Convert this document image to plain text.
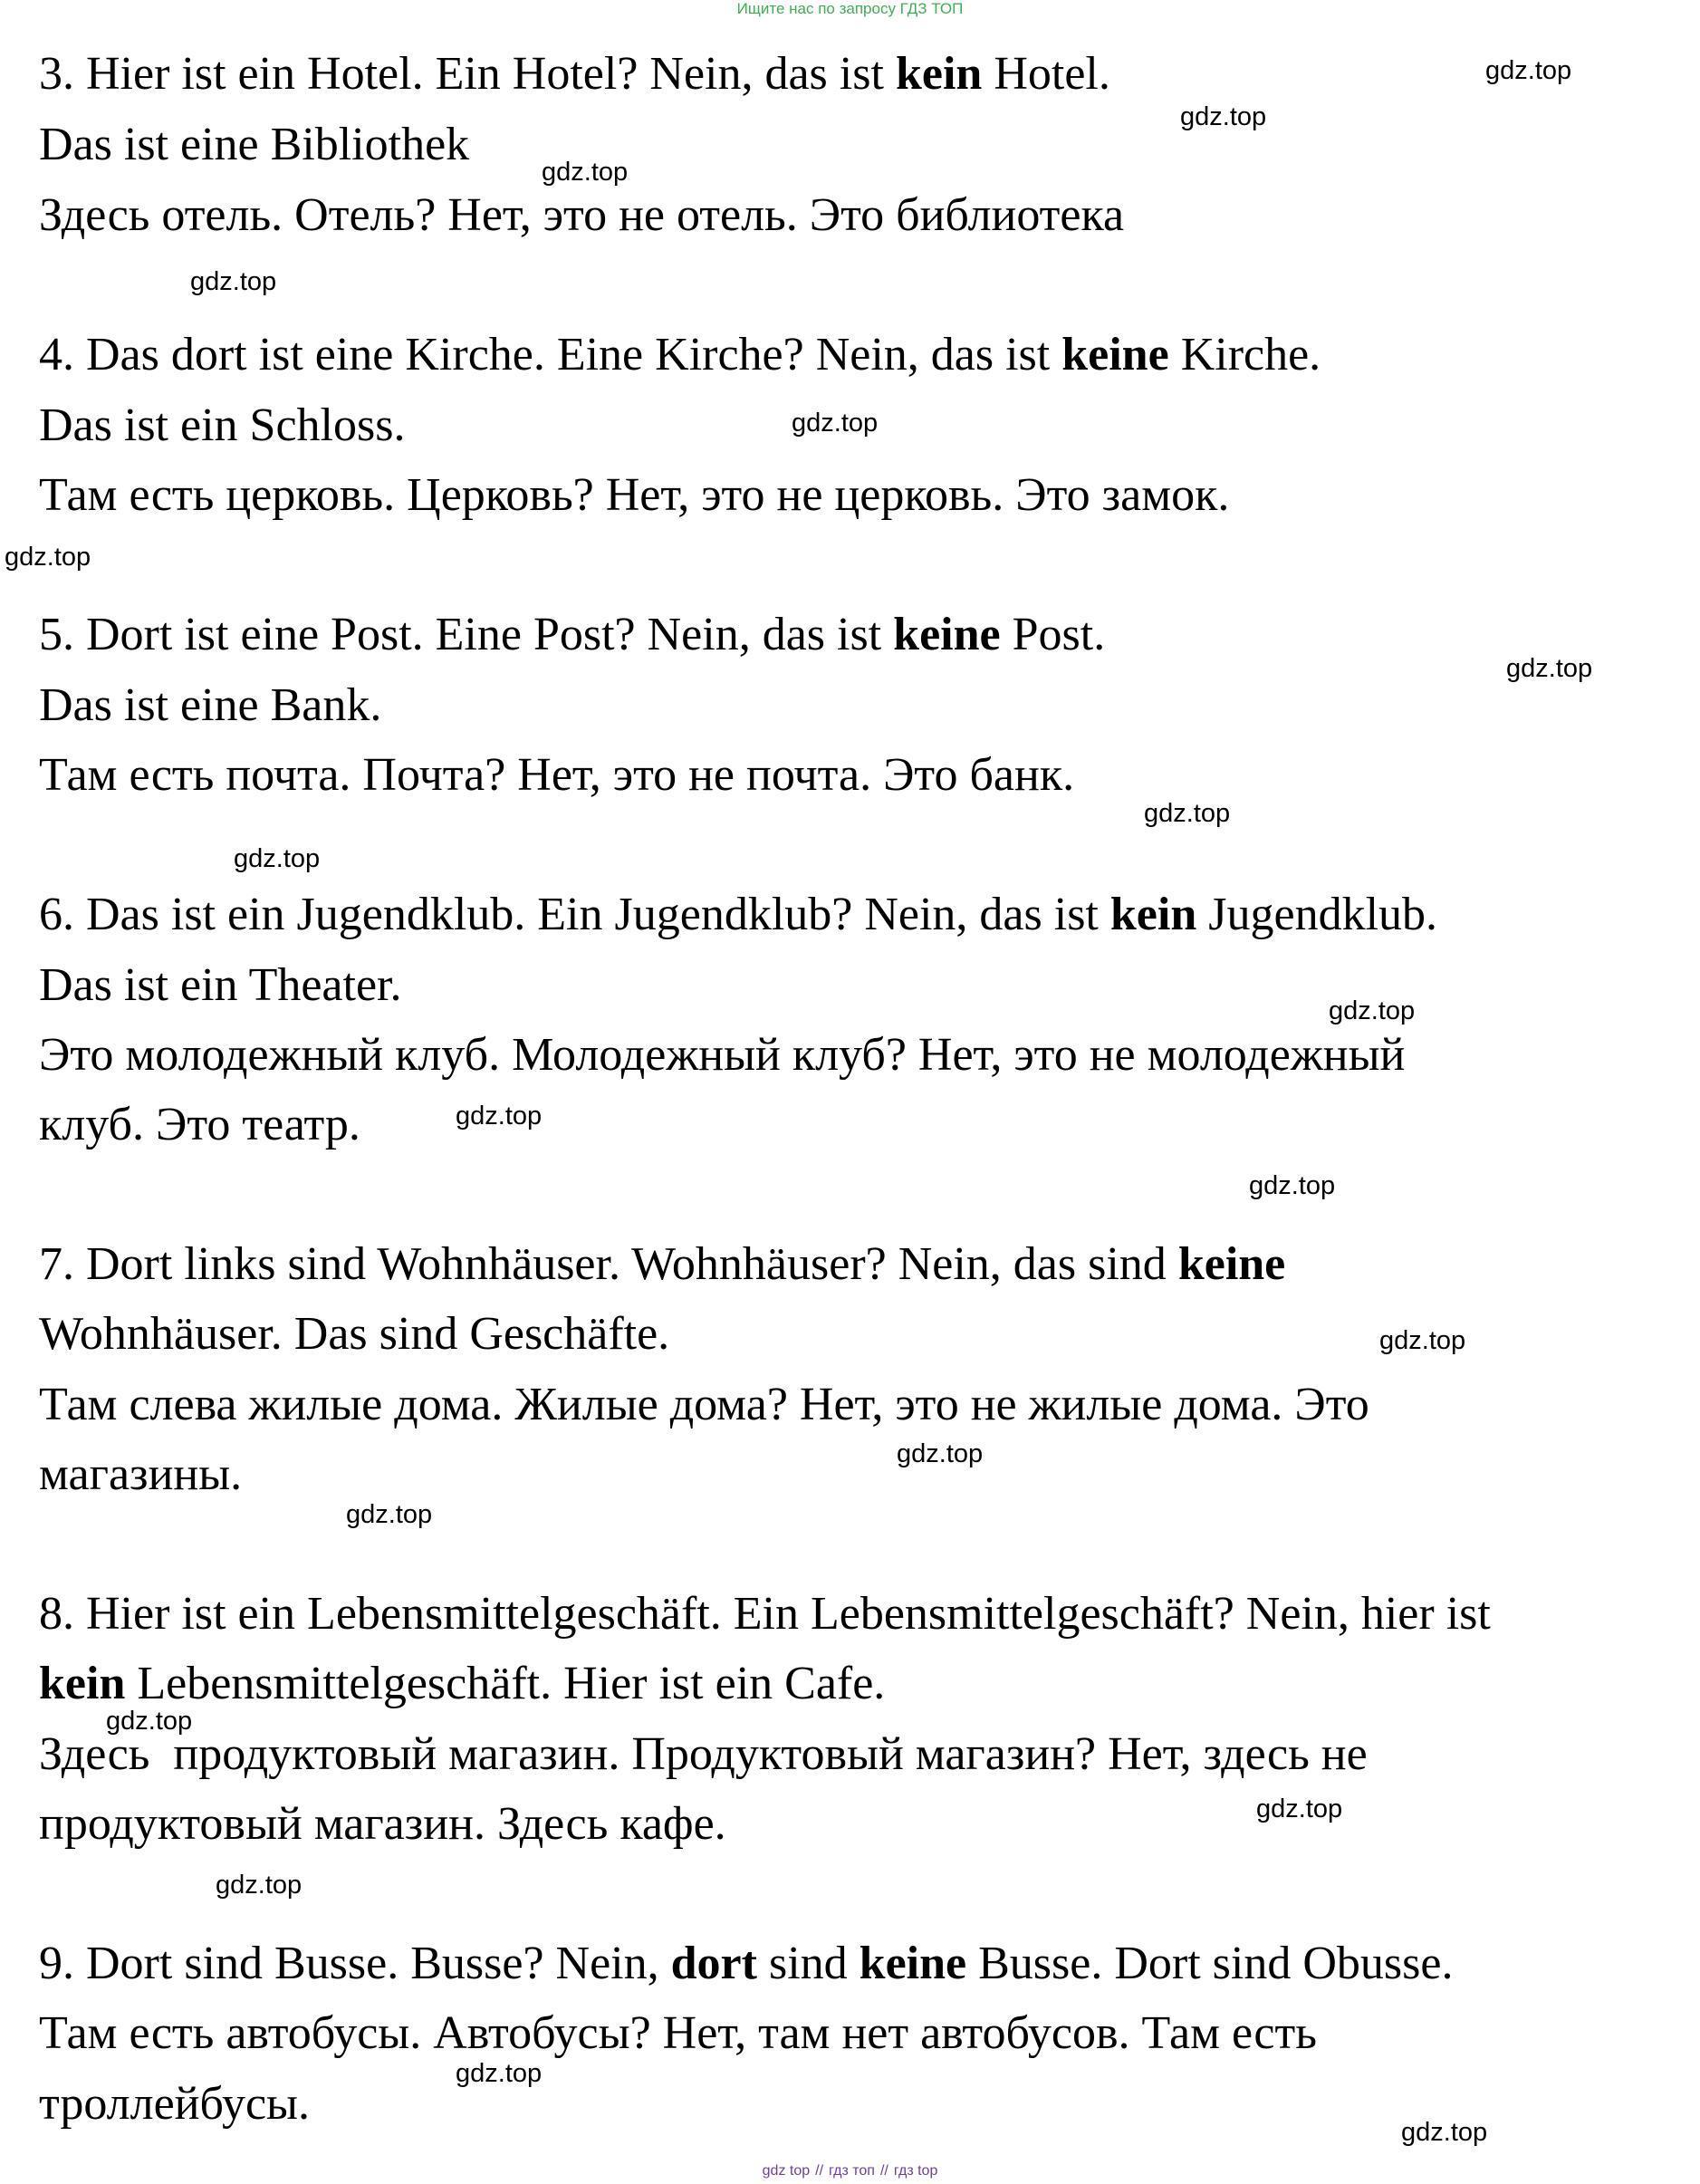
Ищите нас по запросу ГДЗ ТОП
3. Hier ist ein Hotel. Ein Hotel? Nein, das ist kein Hotel.
Das ist eine Bibliothek
Здесь отель. Отель? Нет, это не отель. Это библиотека
4. Das dort ist eine Kirche. Eine Kirche? Nein, das ist keine Kirche.
Das ist ein Schloss.
Там есть церковь. Церковь? Нет, это не церковь. Это замок.
5. Dort ist eine Post. Eine Post? Nein, das ist keine Post.
Das ist eine Bank.
Там есть почта. Почта? Нет, это не почта. Это банк.
6. Das ist ein Jugendklub. Ein Jugendklub? Nein, das ist kein Jugendklub.
Das ist ein Theater.
Это молодежный клуб. Молодежный клуб? Нет, это не молодежный
клуб. Это театр.
7. Dort links sind Wohnhäuser. Wohnhäuser? Nein, das sind keine
Wohnhäuser. Das sind Geschäfte.
Там слева жилые дома. Жилые дома? Нет, это не жилые дома. Это
магазины.
8. Hier ist ein Lebensmittelgeschäft. Ein Lebensmittelgeschäft? Nein, hier ist
kein Lebensmittelgeschäft. Hier ist ein Cafe.
Здесь  продуктовый магазин. Продуктовый магазин? Нет, здесь не
продуктовый магазин. Здесь кафе.
9. Dort sind Busse. Busse? Nein, dort sind keine Busse. Dort sind Obusse.
Там есть автобусы. Автобусы? Нет, там нет автобусов. Там есть
троллейбусы.
gdz.top
gdz.top
gdz.top
gdz.top
gdz.top
gdz.top
gdz.top
gdz.top
gdz.top
gdz.top
gdz.top
gdz.top
gdz.top
gdz.top
gdz.top
gdz.top
gdz.top
gdz.top
gdz.top
gdz.top
gdz top // гдз топ // гдз top
